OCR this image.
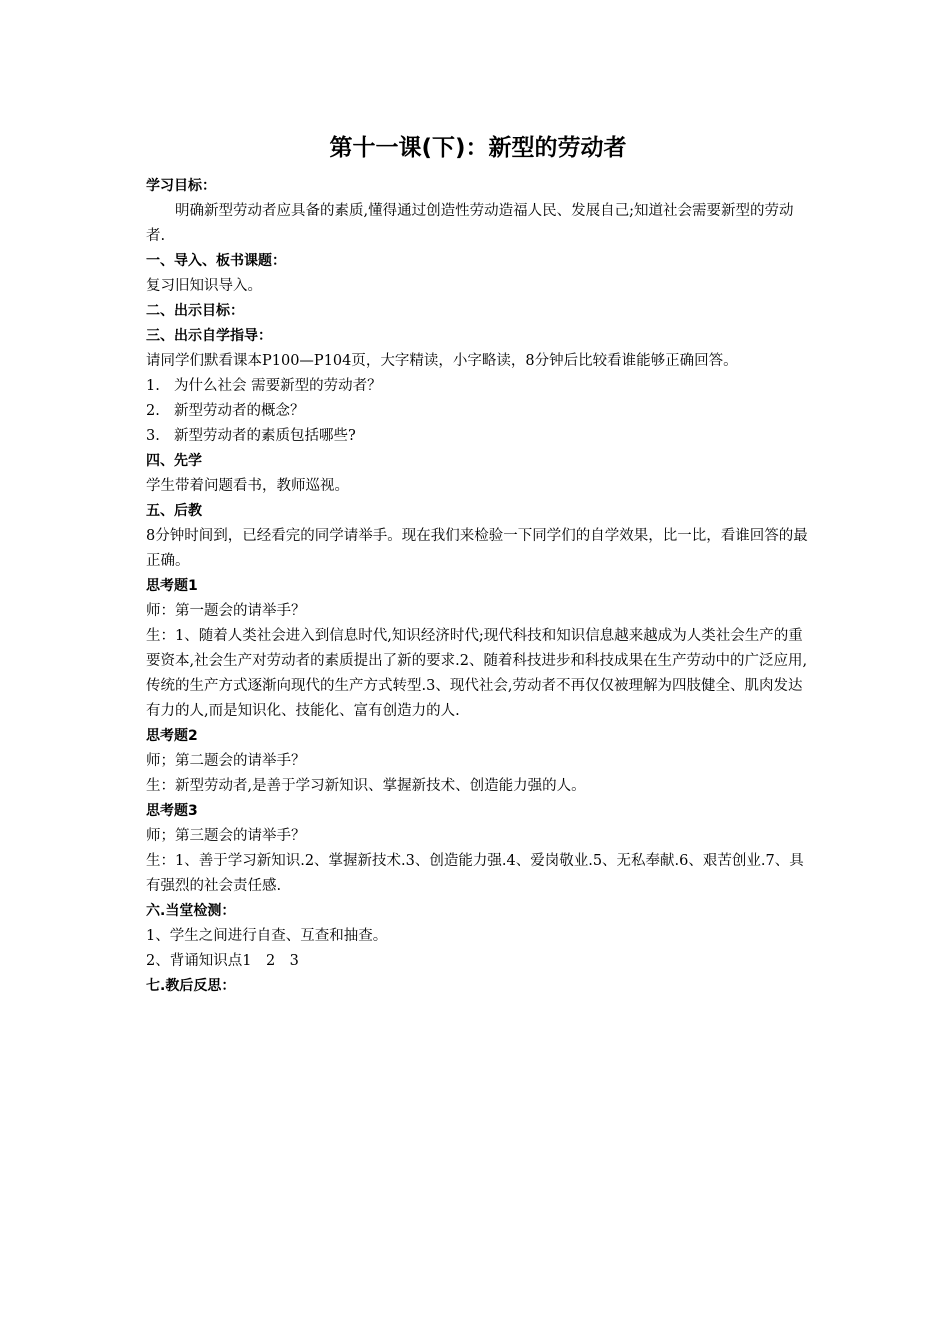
第十一课(下)：新型的劳动者

学习目标：

明确新型劳动者应具备的素质,懂得通过创造性劳动造福人民、发展自己;知道社会需要新型的劳动者.

一、导入、板书课题：

复习旧知识导入。

二、出示目标：

三、出示自学指导：

请同学们默看课本P100—P104页，大字精读，小字略读，8分钟后比较看谁能够正确回答。

1. 为什么社会 需要新型的劳动者？

2. 新型劳动者的概念？

3. 新型劳动者的素质包括哪些?

四、先学

学生带着问题看书，教师巡视。

五、后教

8分钟时间到，已经看完的同学请举手。现在我们来检验一下同学们的自学效果，比一比，看谁回答的最正确。

思考题1

师：第一题会的请举手？

生：1、随着人类社会进入到信息时代,知识经济时代;现代科技和知识信息越来越成为人类社会生产的重要资本,社会生产对劳动者的素质提出了新的要求.2、随着科技进步和科技成果在生产劳动中的广泛应用,传统的生产方式逐渐向现代的生产方式转型.3、现代社会,劳动者不再仅仅被理解为四肢健全、肌肉发达有力的人,而是知识化、技能化、富有创造力的人.

思考题2

师；第二题会的请举手？

生：新型劳动者,是善于学习新知识、掌握新技术、创造能力强的人。

思考题3

师；第三题会的请举手？

生：1、善于学习新知识.2、掌握新技术.3、创造能力强.4、爱岗敬业.5、无私奉献.6、艰苦创业.7、具有强烈的社会责任感.

六.当堂检测：

1、学生之间进行自查、互查和抽查。

2、背诵知识点1　2　3

七.教后反思：
